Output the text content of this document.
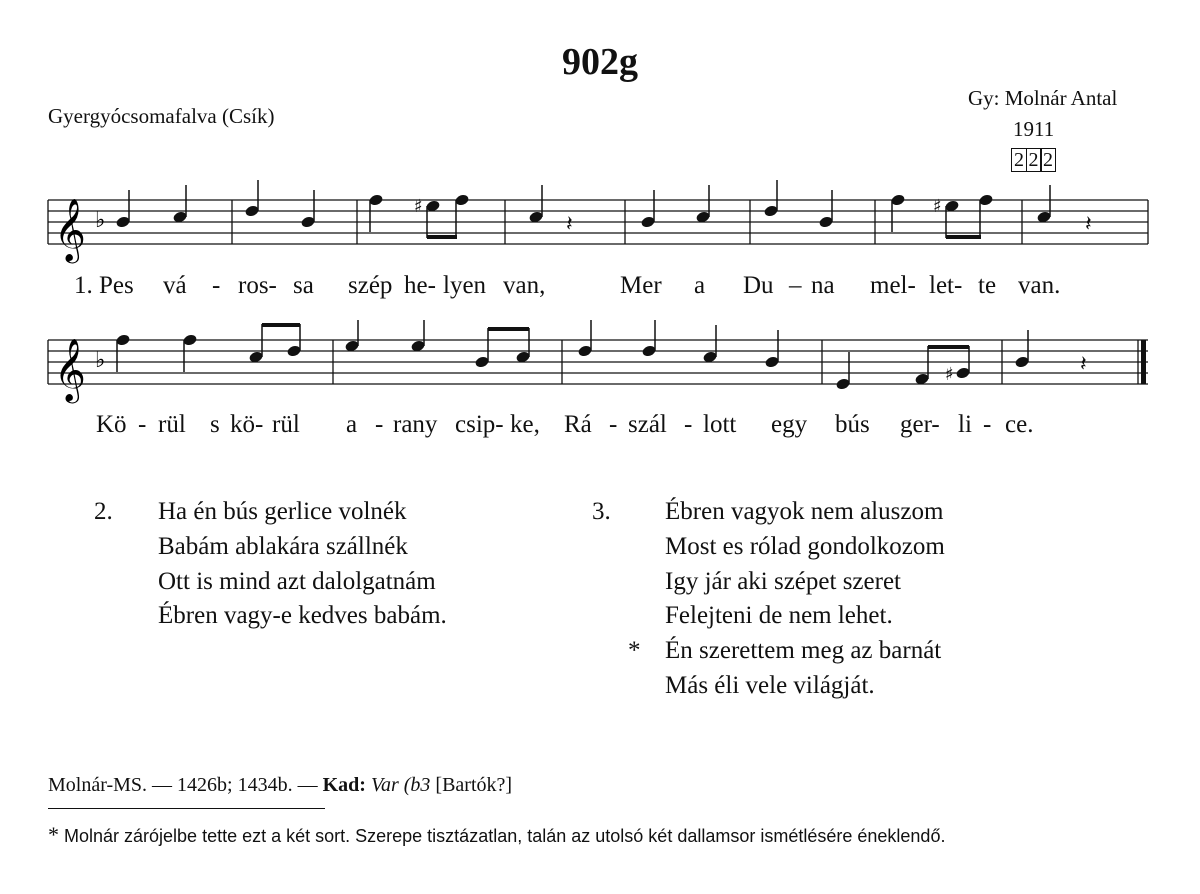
902g
Gyergyócsomafalva (Csík)
Gy: Molnár Antal
1911
2 2 2
𝄞 ♭
♯
𝄽
♯
𝄽
1. Pes vá - ros- sa szép he- lyen van,	Mer a Du – na mel- let- te van.
𝄞 ♭
♯	𝄽
Kö - rül s kö- rül a - rany csip- ke, Rá - szál - lott egy bús ger- li - ce.
2. Ha én bús gerlice volnék
Babám ablakára szállnék
Ott is mind azt dalolgatnám
Ébren vagy-e kedves babám.
3. Ébren vagyok nem aluszom
Most es rólad gondolkozom
Igy jár aki szépet szeret
Felejteni de nem lehet.
* Én szerettem meg az barnát
Más éli vele világját.
Molnár-MS. — 1426b; 1434b. — Kad: Var (b3 [Bartók?]
* Molnár zárójelbe tette ezt a két sort. Szerepe tisztázatlan, talán az utolsó két dallamsor ismétlésére éneklendő.
